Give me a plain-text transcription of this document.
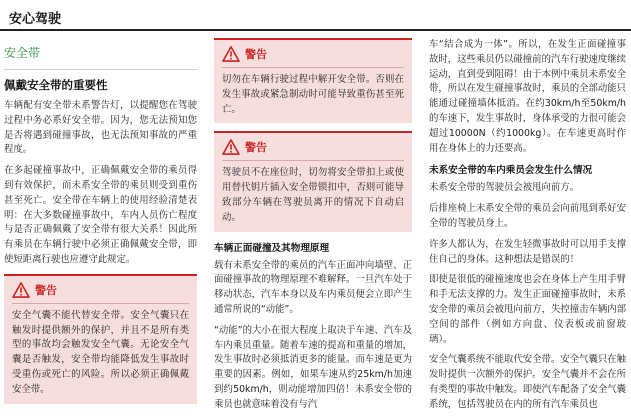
安心驾驶
安全带
佩戴安全带的重要性

车辆配有安全带未系警告灯，以提醒您在驾驶过程中务必系好安全带。因为，您无法预知您是否将遇到碰撞事故，也无法预知事故的严重程度。

在多起碰撞事故中，正确佩戴安全带的乘员得到有效保护，而未系安全带的乘员则受到重伤甚至死亡。安全带在车辆上的使用经验清楚表明：在大多数碰撞事故中，车内人员伤亡程度与是否正确佩戴了安全带有很大关系！因此所有乘员在车辆行驶中必须正确佩戴安全带，即使短距离行驶也应遵守此规定。

警告

安全气囊不能代替安全带。安全气囊只在触发时提供额外的保护，并且不是所有类型的事故均会触发安全气囊。无论安全气囊是否触发，安全带均能降低发生事故时受重伤或死亡的风险。所以必须正确佩戴安全带。

警告

切勿在车辆行驶过程中解开安全带。否则在发生事故或紧急制动时可能导致重伤甚至死亡。

警告

驾驶员不在座位时，切勿将安全带扣上或使用替代钥片插入安全带锁扣中，否则可能导致部分车辆在驾驶员离开的情况下自动启动。

车辆正面碰撞及其物理原理

载有未系安全带的乘员的汽车正面冲向墙壁、正面碰撞事故的物理原理不难解释。一旦汽车处于移动状态，汽车本身以及车内乘员便会立即产生通常所说的“动能”。

“动能”的大小在很大程度上取决于车速、汽车及车内乘员重量。随着车速的提高和重量的增加，发生事故时必须抵消更多的能量。而车速是更为重要的因素。例如，如果车速从约25km/h加速到约50km/h，则动能增加四倍！未系安全带的乘员也就意味着没有与汽

车“结合成为一体”。所以，在发生正面碰撞事故时，这些乘员仍以碰撞前的汽车行驶速度继续运动，直到受到阻碍！由于本例中乘员未系安全带，所以在发生碰撞事故时，乘员的全部动能只能通过碰撞墙体抵消。在约30km/h至50km/h的车速下，发生事故时，身体承受的力很可能会超过10000N（约1000kg）。在车速更高时作用在身体上的力还要高。

未系安全带的车内乘员会发生什么情况

未系安全带的驾驶员会被甩向前方。

后排座椅上未系安全带的乘员会向前甩到系好安全带的驾驶员身上。

许多人都认为，在发生轻微事故时可以用手支撑住自己的身体。这种想法是错误的！

即使是很低的碰撞速度也会在身体上产生用手臂和手无法支撑的力。发生正面碰撞事故时，未系安全带的乘员会被甩向前方，失控撞击车辆内部空间的部件（例如方向盘、仪表板或前窗玻璃）。

安全气囊系统不能取代安全带。安全气囊只在触发时提供一次额外的保护。安全气囊并不会在所有类型的事故中触发。即使汽车配备了安全气囊系统，包括驾驶员在内的所有汽车乘员也
